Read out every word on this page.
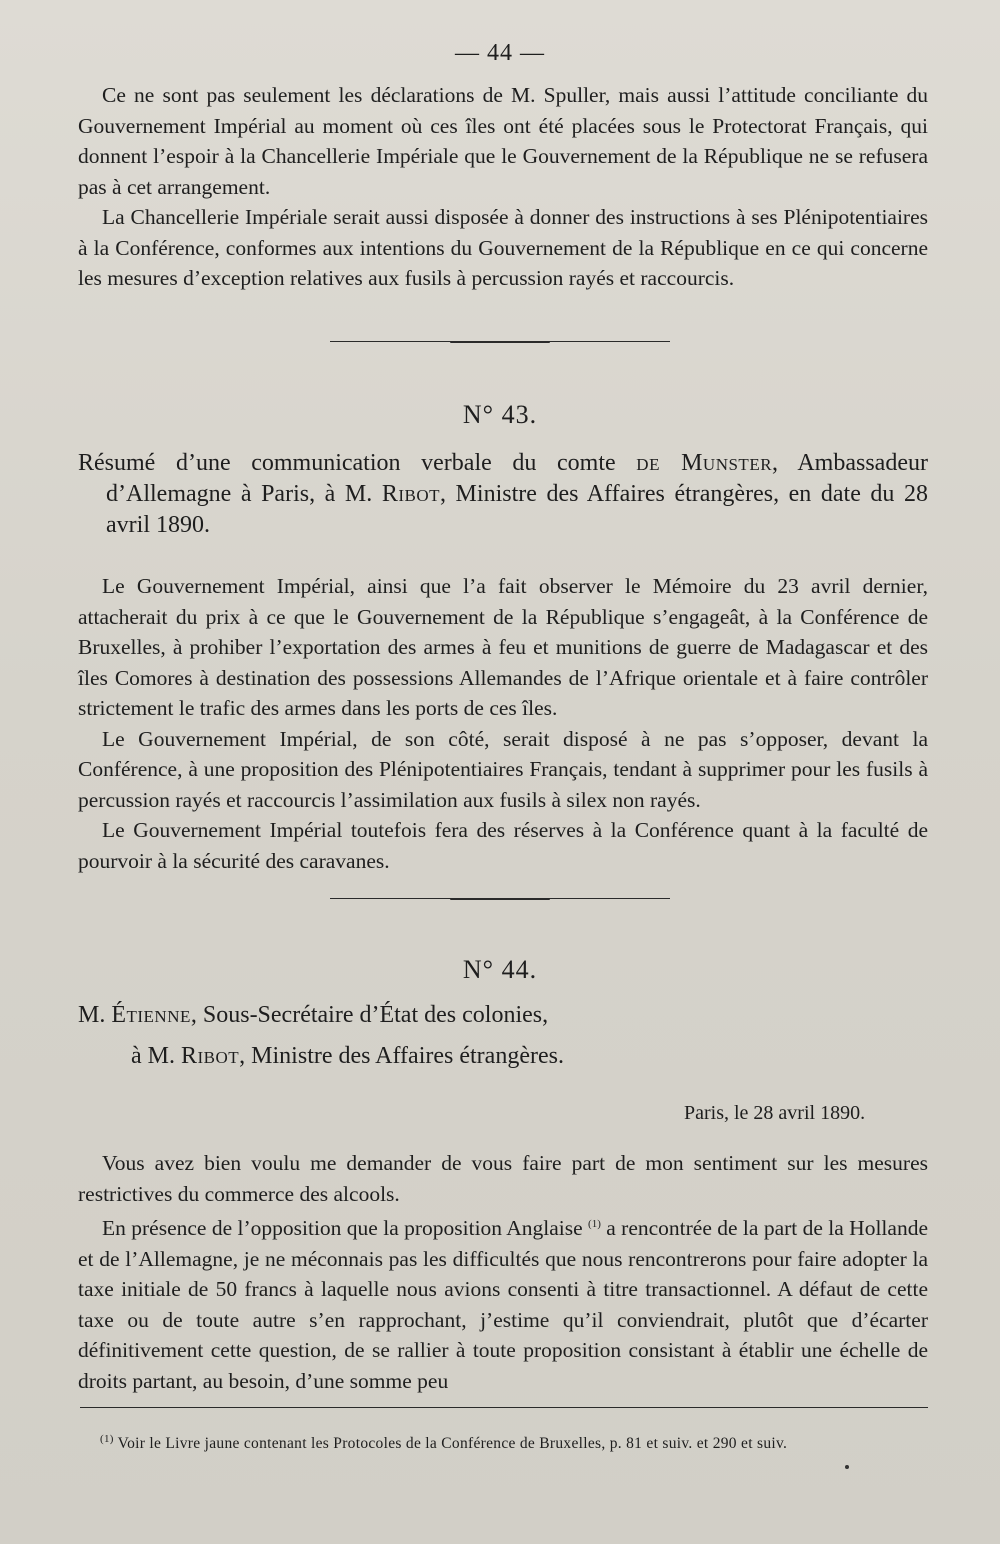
— 44 —

Ce ne sont pas seulement les déclarations de M. Spuller, mais aussi l’attitude conciliante du Gouvernement Impérial au moment où ces îles ont été placées sous le Protectorat Français, qui donnent l’espoir à la Chancellerie Impériale que le Gouvernement de la République ne se refusera pas à cet arrangement.

La Chancellerie Impériale serait aussi disposée à donner des instructions à ses Plénipotentiaires à la Conférence, conformes aux intentions du Gouvernement de la République en ce qui concerne les mesures d’exception relatives aux fusils à percussion rayés et raccourcis.

N° 43.

Résumé d’une communication verbale du comte de Munster, Ambassadeur d’Allemagne à Paris, à M. Ribot, Ministre des Affaires étrangères, en date du 28 avril 1890.

Le Gouvernement Impérial, ainsi que l’a fait observer le Mémoire du 23 avril dernier, attacherait du prix à ce que le Gouvernement de la République s’engageât, à la Conférence de Bruxelles, à prohiber l’exportation des armes à feu et munitions de guerre de Madagascar et des îles Comores à destination des possessions Allemandes de l’Afrique orientale et à faire contrôler strictement le trafic des armes dans les ports de ces îles.

Le Gouvernement Impérial, de son côté, serait disposé à ne pas s’opposer, devant la Conférence, à une proposition des Plénipotentiaires Français, tendant à supprimer pour les fusils à percussion rayés et raccourcis l’assimilation aux fusils à silex non rayés.

Le Gouvernement Impérial toutefois fera des réserves à la Conférence quant à la faculté de pourvoir à la sécurité des caravanes.

N° 44.
M. Étienne, Sous-Secrétaire d’État des colonies,
à M. Ribot, Ministre des Affaires étrangères.
Paris, le 28 avril 1890.

Vous avez bien voulu me demander de vous faire part de mon sentiment sur les mesures restrictives du commerce des alcools.

En présence de l’opposition que la proposition Anglaise $^{(1)}$ a rencontrée de la part de la Hollande et de l’Allemagne, je ne méconnais pas les difficultés que nous rencontrerons pour faire adopter la taxe initiale de 50 francs à laquelle nous avions consenti à titre transactionnel. A défaut de cette taxe ou de toute autre s’en rapprochant, j’estime qu’il conviendrait, plutôt que d’écarter définitivement cette question, de se rallier à toute proposition consistant à établir une échelle de droits partant, au besoin, d’une somme peu

$^{(1)}$ Voir le Livre jaune contenant les Protocoles de la Conférence de Bruxelles, p. 81 et suiv. et 290 et suiv.
